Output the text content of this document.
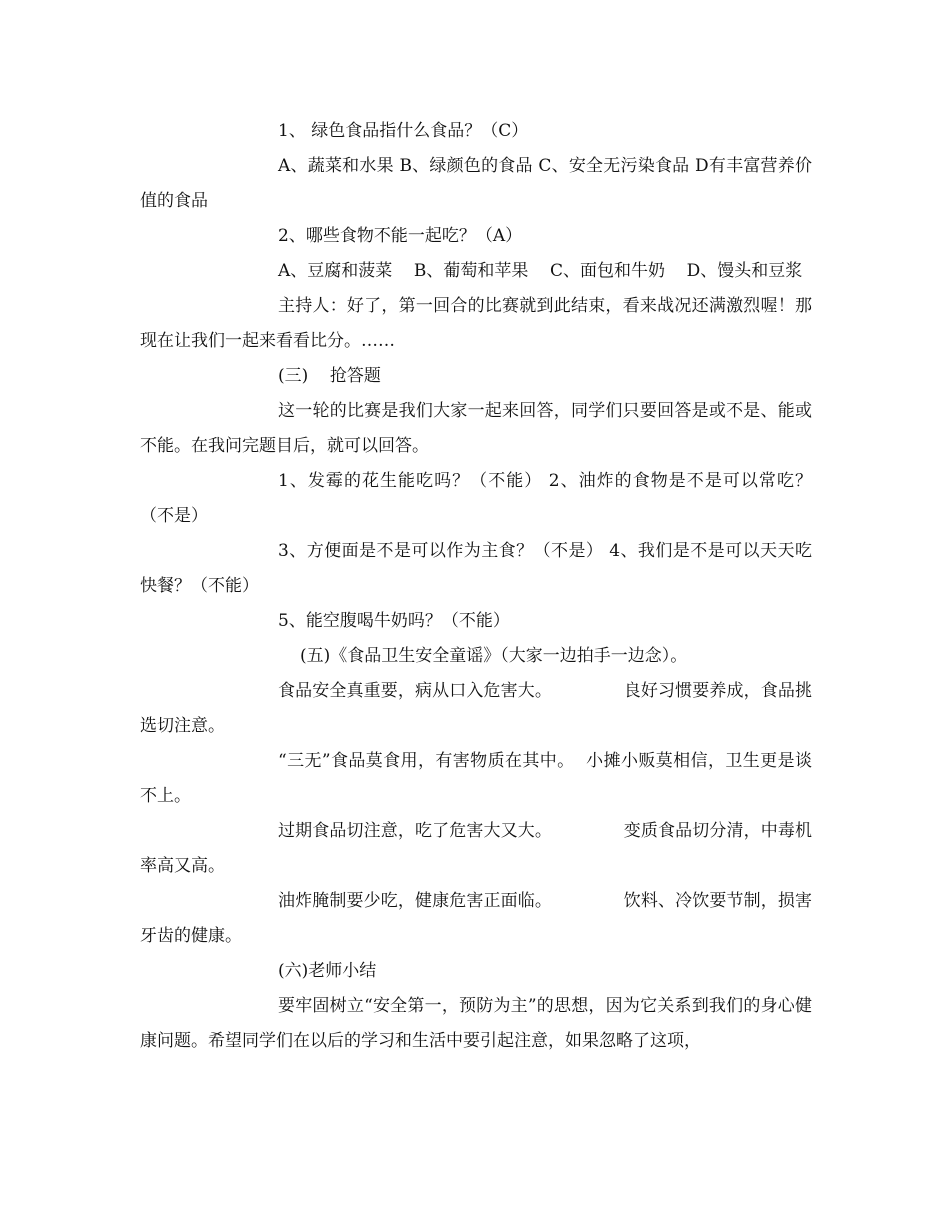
1、 绿色食品指什么食品？（C）

A、蔬菜和水果 B、绿颜色的食品 C、安全无污染食品 D有丰富营养价值的食品

2、哪些食物不能一起吃？（A）

A、豆腐和菠菜    B、葡萄和苹果    C、面包和牛奶    D、馒头和豆浆

主持人：好了，第一回合的比赛就到此结束，看来战况还满激烈喔！那现在让我们一起来看看比分。……

(三)    抢答题

这一轮的比赛是我们大家一起来回答，同学们只要回答是或不是、能或不能。在我问完题目后，就可以回答。

1、发霉的花生能吃吗？（不能） 2、油炸的食物是不是可以常吃？（不是）

3、方便面是不是可以作为主食？（不是） 4、我们是不是可以天天吃快餐？（不能）

5、能空腹喝牛奶吗？（不能）

(五)《食品卫生安全童谣》（大家一边拍手一边念）。

食品安全真重要，病从口入危害大。             良好习惯要养成，食品挑选切注意。

“三无”食品莫食用，有害物质在其中。  小摊小贩莫相信，卫生更是谈不上。

过期食品切注意，吃了危害大又大。             变质食品切分清，中毒机率高又高。

油炸腌制要少吃，健康危害正面临。             饮料、冷饮要节制，损害牙齿的健康。

(六)老师小结

要牢固树立“安全第一，预防为主”的思想，因为它关系到我们的身心健康问题。希望同学们在以后的学习和生活中要引起注意，如果忽略了这项，
